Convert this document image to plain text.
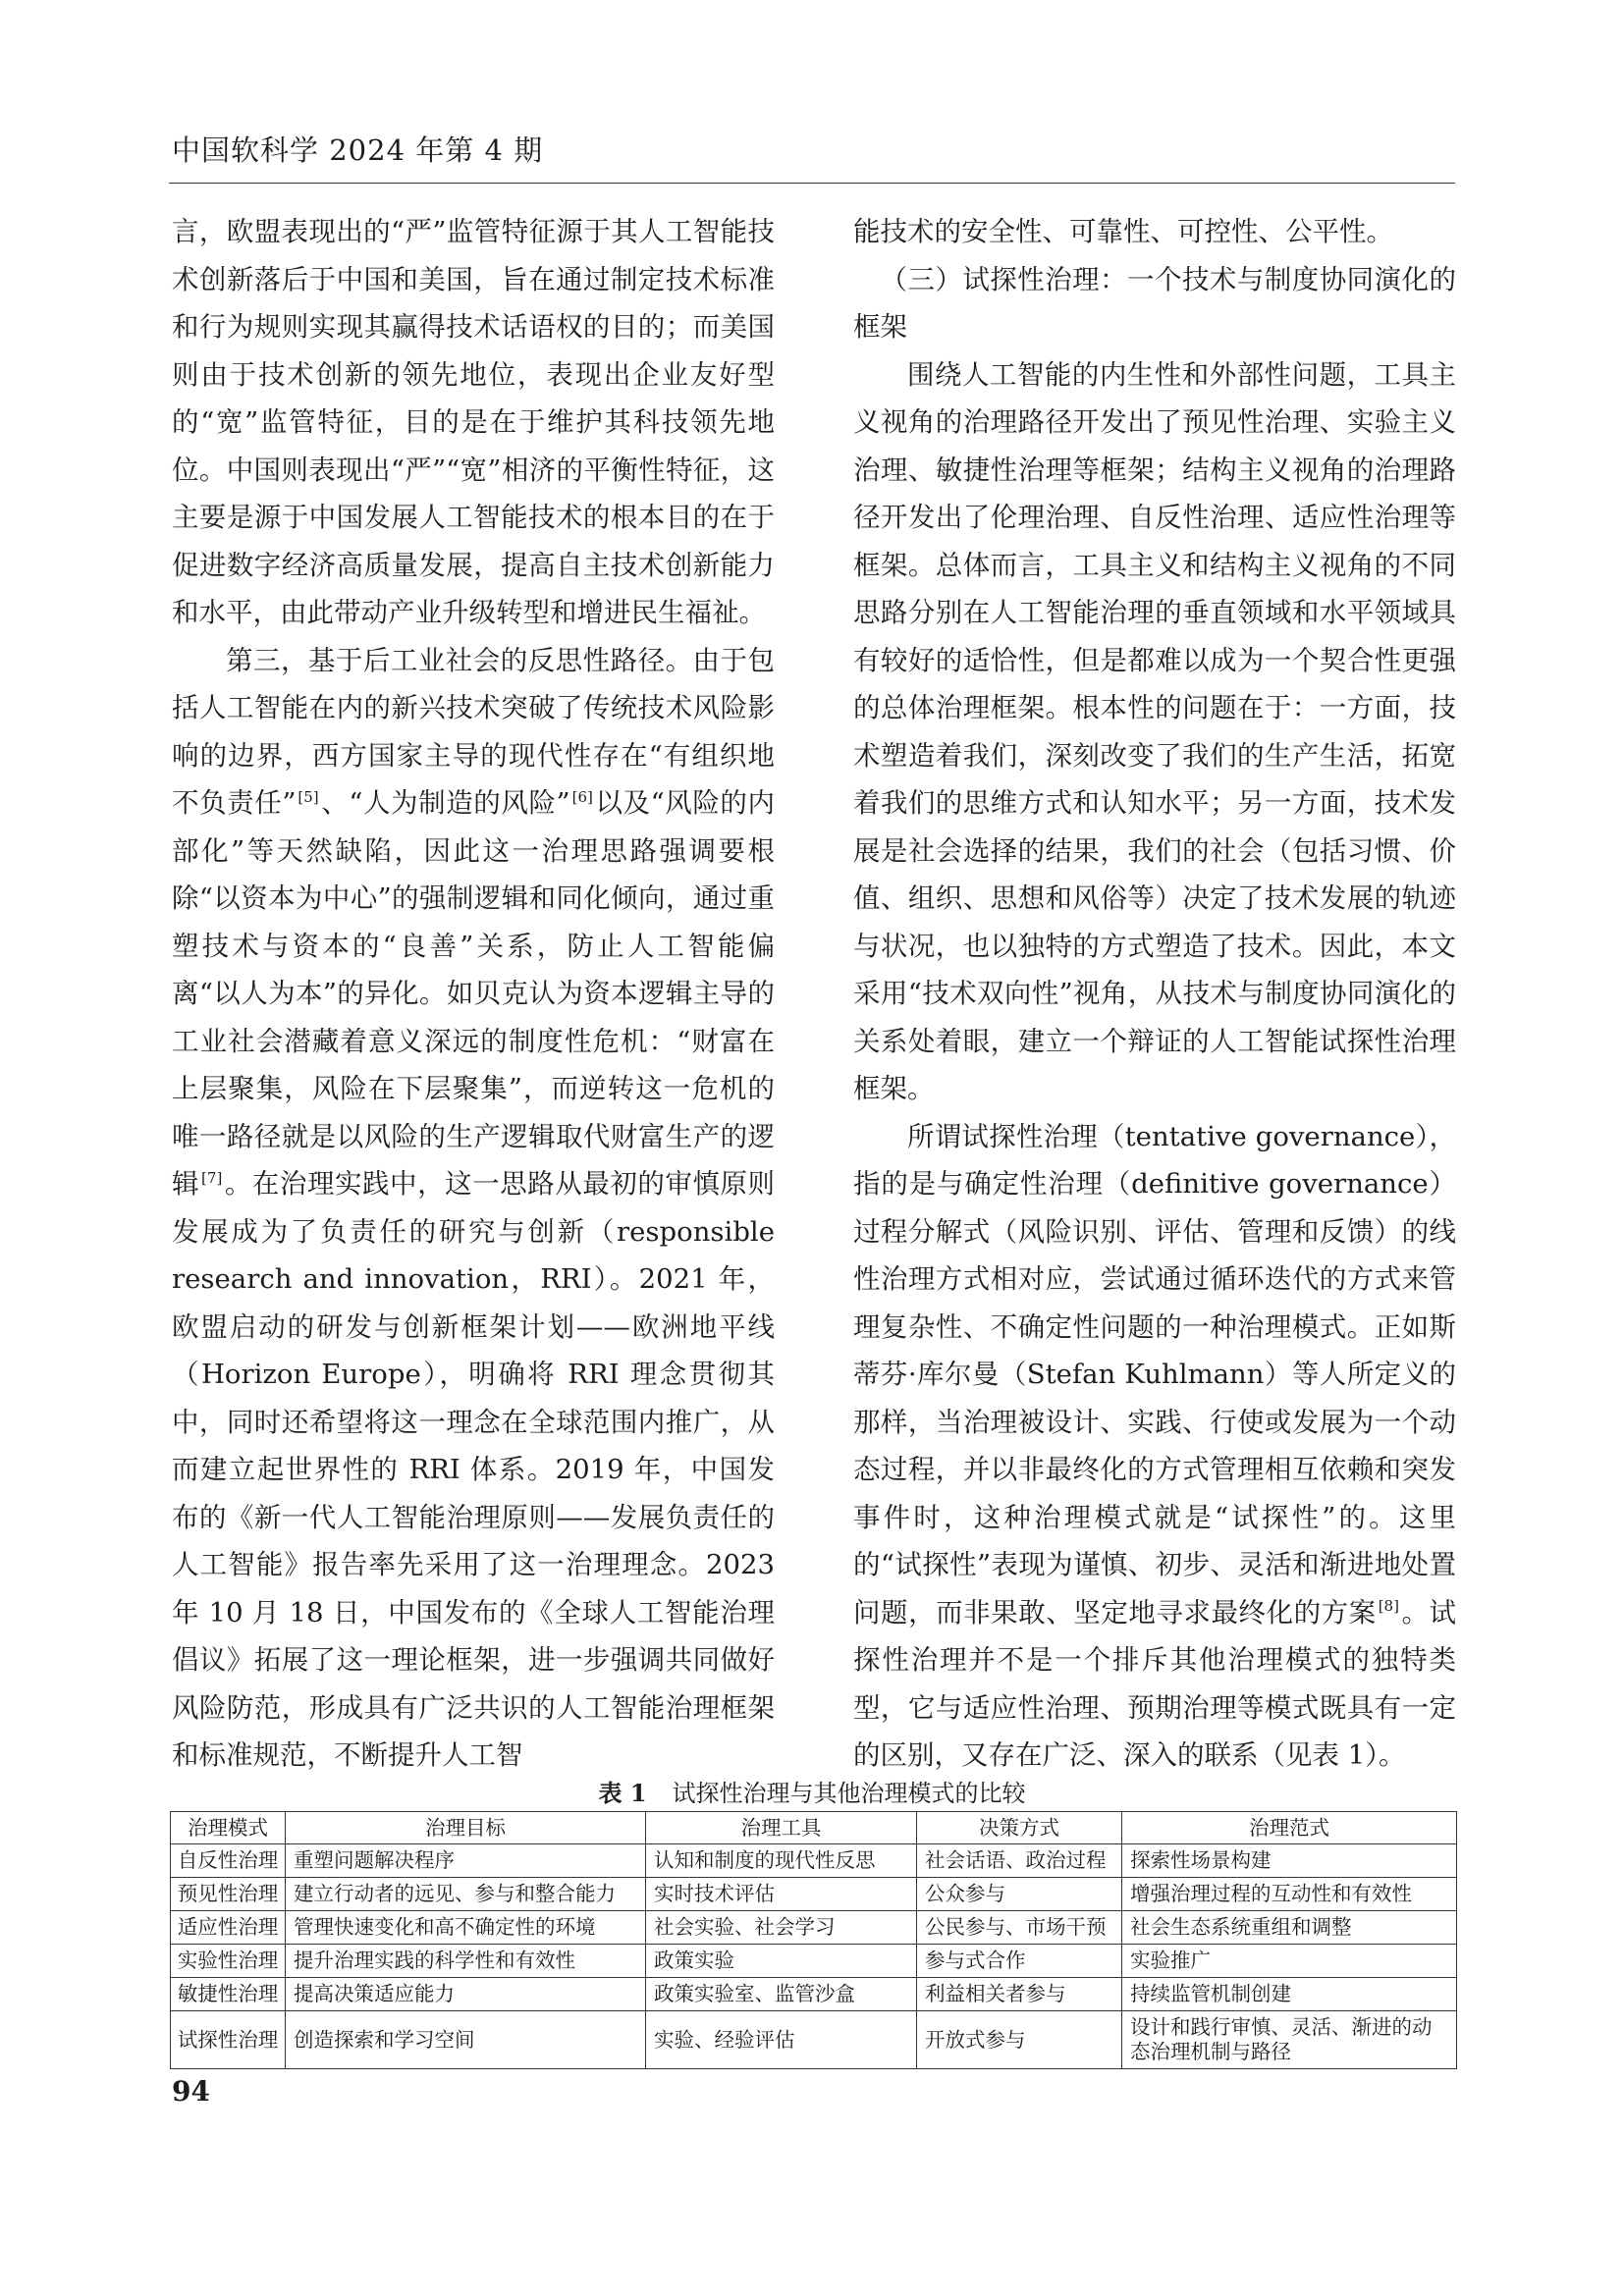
中国软科学 2024 年第 4 期

言，欧盟表现出的“严”监管特征源于其人工智能技术创新落后于中国和美国，旨在通过制定技术标准和行为规则实现其赢得技术话语权的目的；而美国则由于技术创新的领先地位，表现出企业友好型的“宽”监管特征，目的是在于维护其科技领先地位。中国则表现出“严”“宽”相济的平衡性特征，这主要是源于中国发展人工智能技术的根本目的在于促进数字经济高质量发展，提高自主技术创新能力和水平，由此带动产业升级转型和增进民生福祉。

第三，基于后工业社会的反思性路径。由于包括人工智能在内的新兴技术突破了传统技术风险影响的边界，西方国家主导的现代性存在“有组织地不负责任” [5]、“人为制造的风险” [6]以及“风险的内部化”等天然缺陷，因此这一治理思路强调要根除“以资本为中心”的强制逻辑和同化倾向，通过重塑技术与资本的“良善”关系，防止人工智能偏离“以人为本”的异化。如贝克认为资本逻辑主导的工业社会潜藏着意义深远的制度性危机：“财富在上层聚集，风险在下层聚集”，而逆转这一危机的唯一路径就是以风险的生产逻辑取代财富生产的逻辑 [7]。在治理实践中，这一思路从最初的审慎原则发展成为了负责任的研究与创新（responsible research and innovation，RRI）。2021 年，欧盟启动的研发与创新框架计划——欧洲地平线（Horizon Europe），明确将 RRI 理念贯彻其中，同时还希望将这一理念在全球范围内推广，从而建立起世界性的 RRI 体系。2019 年，中国发布的《新一代人工智能治理原则——发展负责任的人工智能》报告率先采用了这一治理理念。2023 年 10 月 18 日，中国发布的《全球人工智能治理倡议》拓展了这一理论框架，进一步强调共同做好风险防范，形成具有广泛共识的人工智能治理框架和标准规范，不断提升人工智

能技术的安全性、可靠性、可控性、公平性。

（三）试探性治理：一个技术与制度协同演化的框架

围绕人工智能的内生性和外部性问题，工具主义视角的治理路径开发出了预见性治理、实验主义治理、敏捷性治理等框架；结构主义视角的治理路径开发出了伦理治理、自反性治理、适应性治理等框架。总体而言，工具主义和结构主义视角的不同思路分别在人工智能治理的垂直领域和水平领域具有较好的适恰性，但是都难以成为一个契合性更强的总体治理框架。根本性的问题在于：一方面，技术塑造着我们，深刻改变了我们的生产生活，拓宽着我们的思维方式和认知水平；另一方面，技术发展是社会选择的结果，我们的社会（包括习惯、价值、组织、思想和风俗等）决定了技术发展的轨迹与状况，也以独特的方式塑造了技术。因此，本文采用“技术双向性”视角，从技术与制度协同演化的关系处着眼，建立一个辩证的人工智能试探性治理框架。

所谓试探性治理（tentative governance），指的是与确定性治理（definitive governance）过程分解式（风险识别、评估、管理和反馈）的线性治理方式相对应，尝试通过循环迭代的方式来管理复杂性、不确定性问题的一种治理模式。正如斯蒂芬·库尔曼（Stefan Kuhlmann）等人所定义的那样，当治理被设计、实践、行使或发展为一个动态过程，并以非最终化的方式管理相互依赖和突发事件时，这种治理模式就是“试探性”的。这里的“试探性”表现为谨慎、初步、灵活和渐进地处置问题，而非果敢、坚定地寻求最终化的方案 [8]。试探性治理并不是一个排斥其他治理模式的独特类型，它与适应性治理、预期治理等模式既具有一定的区别，又存在广泛、深入的联系（见表 1）。

表 1 试探性治理与其他治理模式的比较
治理模式	治理目标	治理工具	决策方式	治理范式
自反性治理	重塑问题解决程序	认知和制度的现代性反思	社会话语、政治过程	探索性场景构建
预见性治理	建立行动者的远见、参与和整合能力	实时技术评估	公众参与	增强治理过程的互动性和有效性
适应性治理	管理快速变化和高不确定性的环境	社会实验、社会学习	公民参与、市场干预	社会生态系统重组和调整
实验性治理	提升治理实践的科学性和有效性	政策实验	参与式合作	实验推广
敏捷性治理	提高决策适应能力	政策实验室、监管沙盒	利益相关者参与	持续监管机制创建
试探性治理	创造探索和学习空间	实验、经验评估	开放式参与	设计和践行审慎、灵活、渐进的动态治理机制与路径
94
